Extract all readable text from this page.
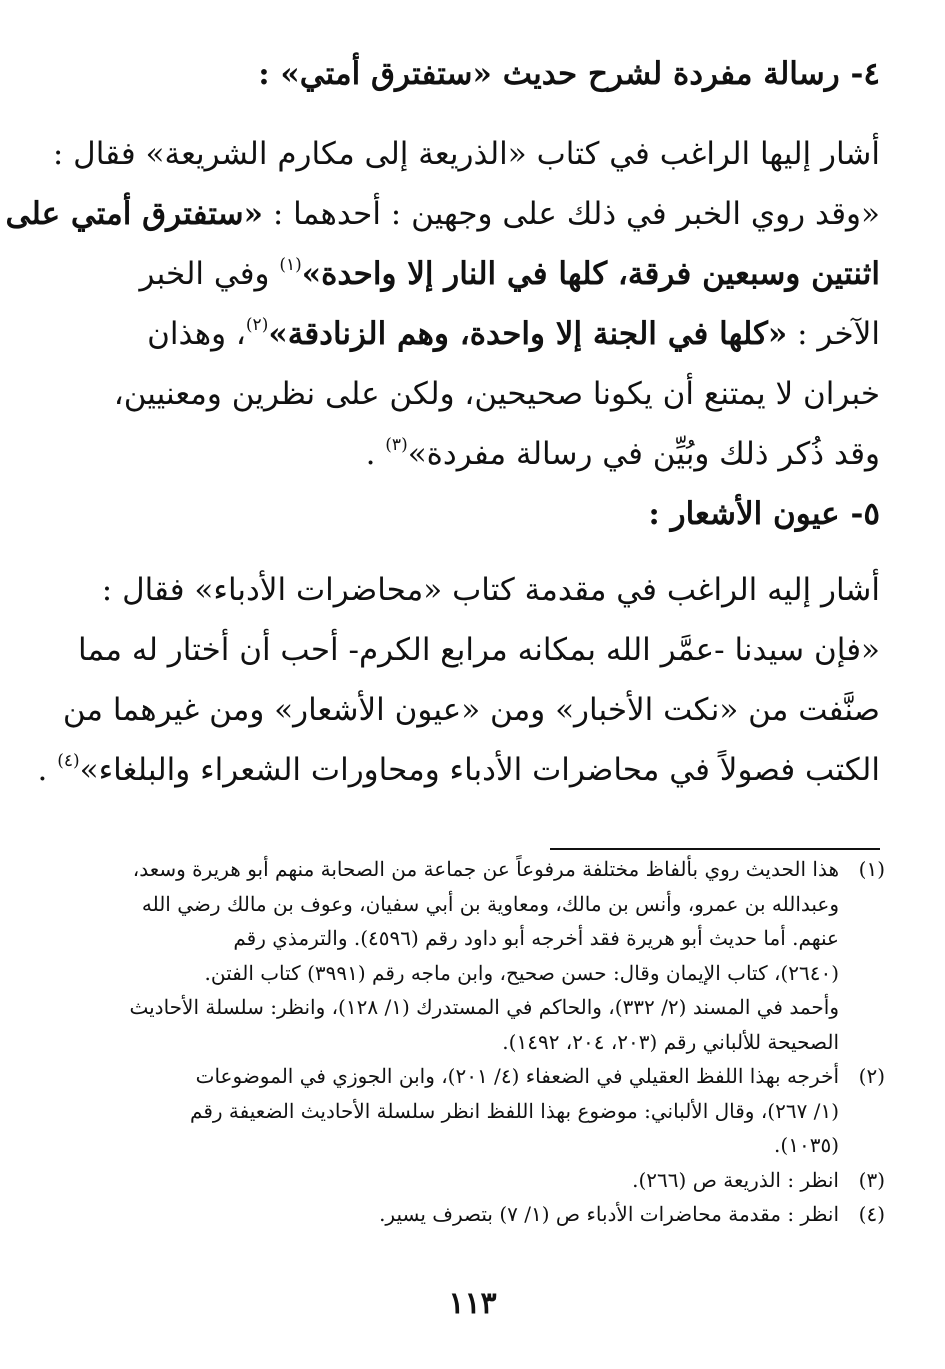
٤- رسالة مفردة لشرح حديث «ستفترق أمتي» :
أشار إليها الراغب في كتاب «الذريعة إلى مكارم الشريعة» فقال :
«وقد روي الخبر في ذلك على وجهين : أحدهما : «ستفترق أمتي على
اثنتين وسبعين فرقة، كلها في النار إلا واحدة»$^{(١)}$ وفي الخبر
الآخر : «كلها في الجنة إلا واحدة، وهم الزنادقة»$^{(٢)}$، وهذان
خبران لا يمتنع أن يكونا صحيحين، ولكن على نظرين ومعنيين،
وقد ذُكر ذلك وبُيِّن في رسالة مفردة»$^{(٣)}$ .
٥- عيون الأشعار :
أشار إليه الراغب في مقدمة كتاب «محاضرات الأدباء» فقال :
«فإن سيدنا -عمَّر الله بمكانه مرابع الكرم- أحب أن أختار له مما
صنَّفت من «نكت الأخبار» ومن «عيون الأشعار» ومن غيرهما من
الكتب فصولاً في محاضرات الأدباء ومحاورات الشعراء والبلغاء»$^{(٤)}$ .
(١)
هذا الحديث روي بألفاظ مختلفة مرفوعاً عن جماعة من الصحابة منهم أبو هريرة وسعد،
وعبدالله بن عمرو، وأنس بن مالك، ومعاوية بن أبي سفيان، وعوف بن مالك رضي الله
عنهم. أما حديث أبو هريرة فقد أخرجه أبو داود رقم (٤٥٩٦). والترمذي رقم
(٢٦٤٠)، كتاب الإيمان وقال: حسن صحيح، وابن ماجه رقم (٣٩٩١) كتاب الفتن.
وأحمد في المسند (٢/ ٣٣٢)، والحاكم في المستدرك (١/ ١٢٨)، وانظر: سلسلة الأحاديث
الصحيحة للألباني رقم (٢٠٣، ٢٠٤، ١٤٩٢).
(٢)
أخرجه بهذا اللفظ العقيلي في الضعفاء (٤/ ٢٠١)، وابن الجوزي في الموضوعات
(١/ ٢٦٧)، وقال الألباني: موضوع بهذا اللفظ انظر سلسلة الأحاديث الضعيفة رقم
(١٠٣٥).
(٣)
انظر : الذريعة ص (٢٦٦).
(٤)
انظر : مقدمة محاضرات الأدباء ص (١/ ٧) بتصرف يسير.
١١٣
